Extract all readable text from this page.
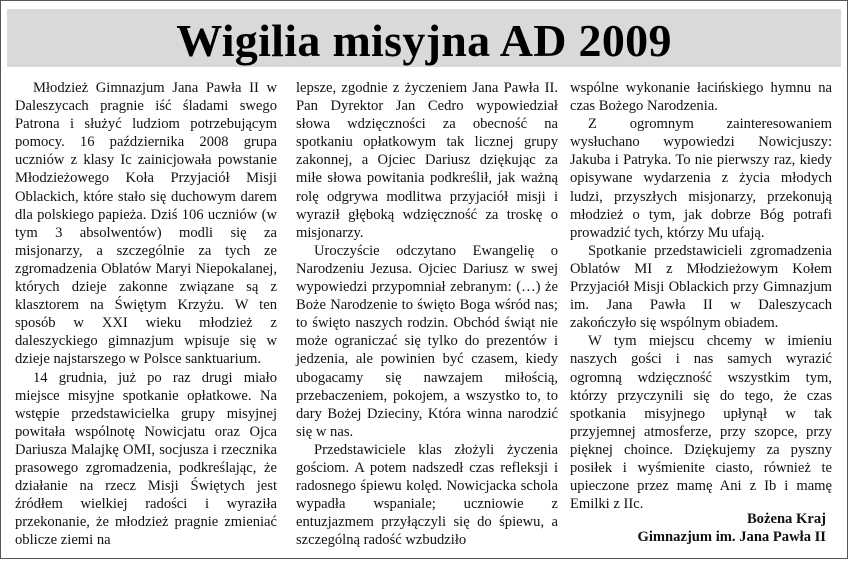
Wigilia misyjna AD 2009

Młodzież Gimnazjum Jana Pawła II w Daleszycach pragnie iść śladami swego Patrona i służyć ludziom potrzebującym pomocy. 16 października 2008 grupa uczniów z klasy Ic zainicjowała powstanie Młodzieżowego Koła Przyjaciół Misji Oblackich, które stało się duchowym darem dla polskiego papieża. Dziś 106 uczniów (w tym 3 absolwentów) modli się za misjonarzy, a szczególnie za tych ze zgromadzenia Oblatów Maryi Niepokalanej, których dzieje zakonne związane są z klasztorem na Świętym Krzyżu. W ten sposób w XXI wieku młodzież z daleszyckiego gimnazjum wpisuje się w dzieje najstarszego w Polsce sanktuarium.

14 grudnia, już po raz drugi miało miejsce misyjne spotkanie opłatkowe. Na wstępie przedstawicielka grupy misyjnej powitała wspólnotę Nowicjatu oraz Ojca Dariusza Malajkę OMI, socjusza i rzecznika prasowego zgromadzenia, podkreślając, że działanie na rzecz Misji Świętych jest źródłem wielkiej radości i wyraziła przekonanie, że młodzież pragnie zmieniać oblicze ziemi na

lepsze, zgodnie z życzeniem Jana Pawła II. Pan Dyrektor Jan Cedro wypowiedział słowa wdzięczności za obecność na spotkaniu opłatkowym tak licznej grupy zakonnej, a Ojciec Dariusz dziękując za miłe słowa powitania podkreślił, jak ważną rolę odgrywa modlitwa przyjaciół misji i wyraził głęboką wdzięczność za troskę o misjonarzy.

Uroczyście odczytano Ewangelię o Narodzeniu Jezusa. Ojciec Dariusz w swej wypowiedzi przypomniał zebranym: (…) że Boże Narodzenie to święto Boga wśród nas; to święto naszych rodzin. Obchód świąt nie może ograniczać się tylko do prezentów i jedzenia, ale powinien być czasem, kiedy ubogacamy się nawzajem miłością, przebaczeniem, pokojem, a wszystko to, to dary Bożej Dzieciny, Która winna narodzić się w nas.

Przedstawiciele klas złożyli życzenia gościom. A potem nadszedł czas refleksji i radosnego śpiewu kolęd. Nowicjacka schola wypadła wspaniale; uczniowie z entuzjazmem przyłączyli się do śpiewu, a szczególną radość wzbudziło

wspólne wykonanie łacińskiego hymnu na czas Bożego Narodzenia.

Z ogromnym zainteresowaniem wysłuchano wypowiedzi Nowicjuszy: Jakuba i Patryka. To nie pierwszy raz, kiedy opisywane wydarzenia z życia młodych ludzi, przyszłych misjonarzy, przekonują młodzież o tym, jak dobrze Bóg potrafi prowadzić tych, którzy Mu ufają.

Spotkanie przedstawicieli zgromadzenia Oblatów MI z Młodzieżowym Kołem Przyjaciół Misji Oblackich przy Gimnazjum im. Jana Pawła II w Daleszycach zakończyło się wspólnym obiadem.

W tym miejscu chcemy w imieniu naszych gości i nas samych wyrazić ogromną wdzięczność wszystkim tym, którzy przyczynili się do tego, że czas spotkania misyjnego upłynął w tak przyjemnej atmosferze, przy szopce, przy pięknej choince. Dziękujemy za pyszny posiłek i wyśmienite ciasto, również te upieczone przez mamę Ani z Ib i mamę Emilki z IIc.

Bożena Kraj
Gimnazjum im. Jana Pawła II
